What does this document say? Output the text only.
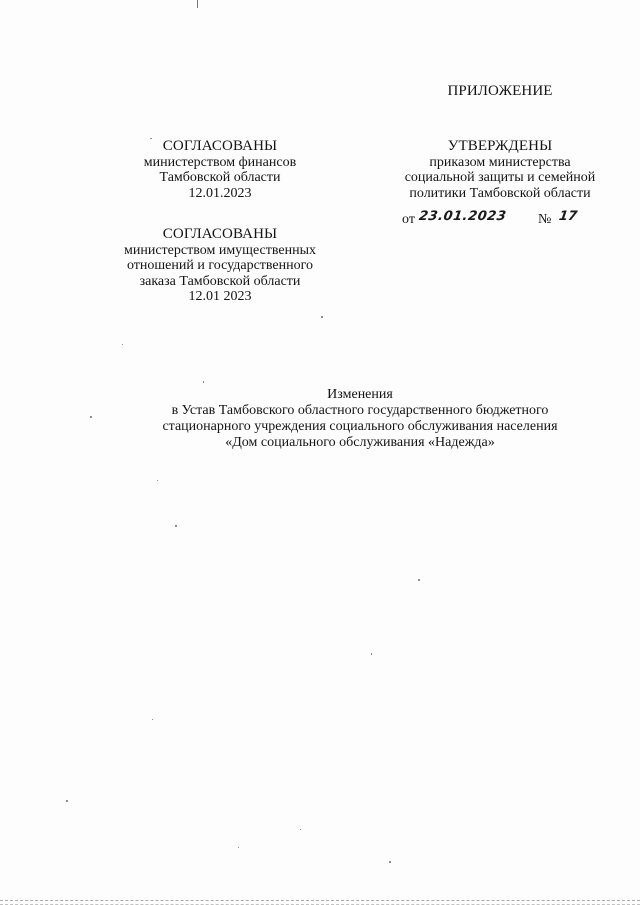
ПРИЛОЖЕНИЕ

СОГЛАСОВАНЫ
министерством финансов
Тамбовской области
12.01.2023
СОГЛАСОВАНЫ
министерством имущественных
отношений и государственного
заказа Тамбовской области
12.01 2023
УТВЕРЖДЕНЫ
приказом министерства
социальной защиты и семейной
политики Тамбовской области
от 23.01.2023 № 17
Изменения
в Устав Тамбовского областного государственного бюджетного
стационарного учреждения социального обслуживания населения
«Дом социального обслуживания «Надежда»
